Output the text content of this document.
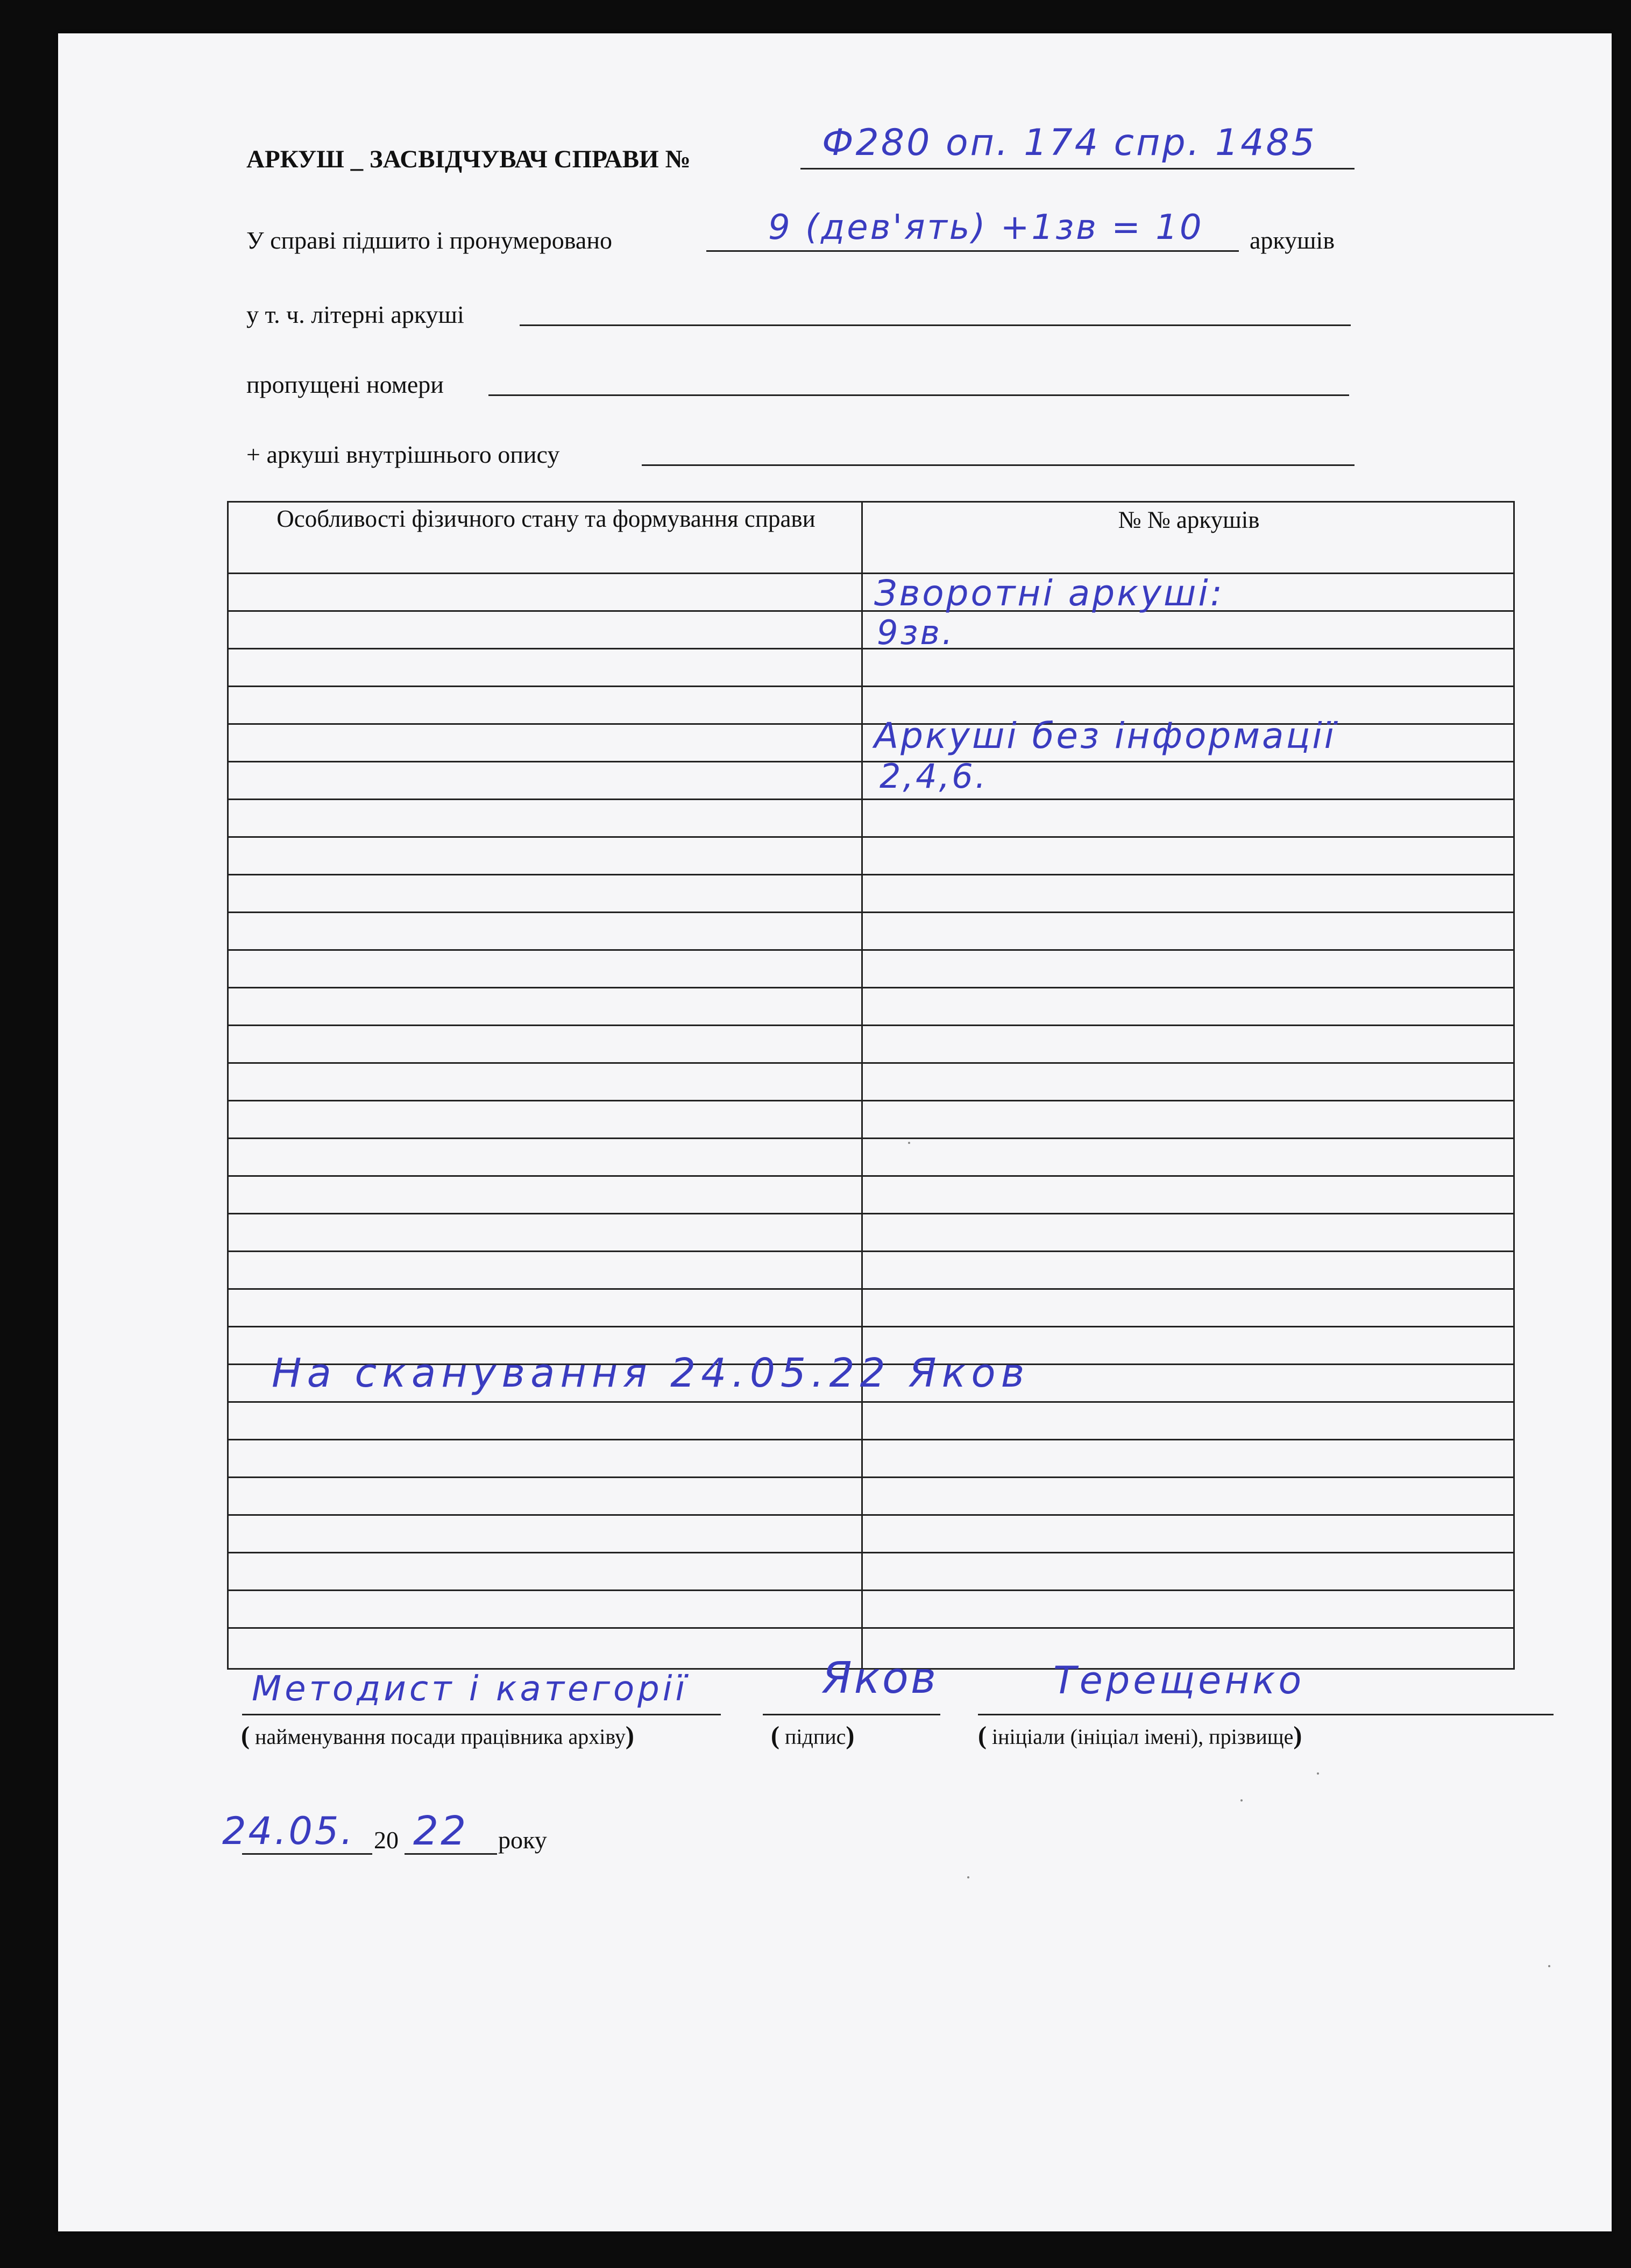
АРКУШ _ ЗАСВІДЧУВАЧ СПРАВИ №	Ф280 оп. 174 спр. 1485
У справі підшито і пронумеровано	9 (дев'ять) +1зв = 10 аркушів
у т. ч. літерні аркуші
пропущені номери
+ аркуші внутрішнього опису
Особливості фізичного стану та формування справи	№ № аркушів
Зворотні аркуші:
9зв.
Аркуші без інформації
2,4,6.
На сканування 24.05.22 Яков
Методист і категорії	Яков	Терещенко
( найменування посади працівника архіву)	( підпис)	( ініціали (ініціал імені), прізвище)
24.05. 20 22 року
